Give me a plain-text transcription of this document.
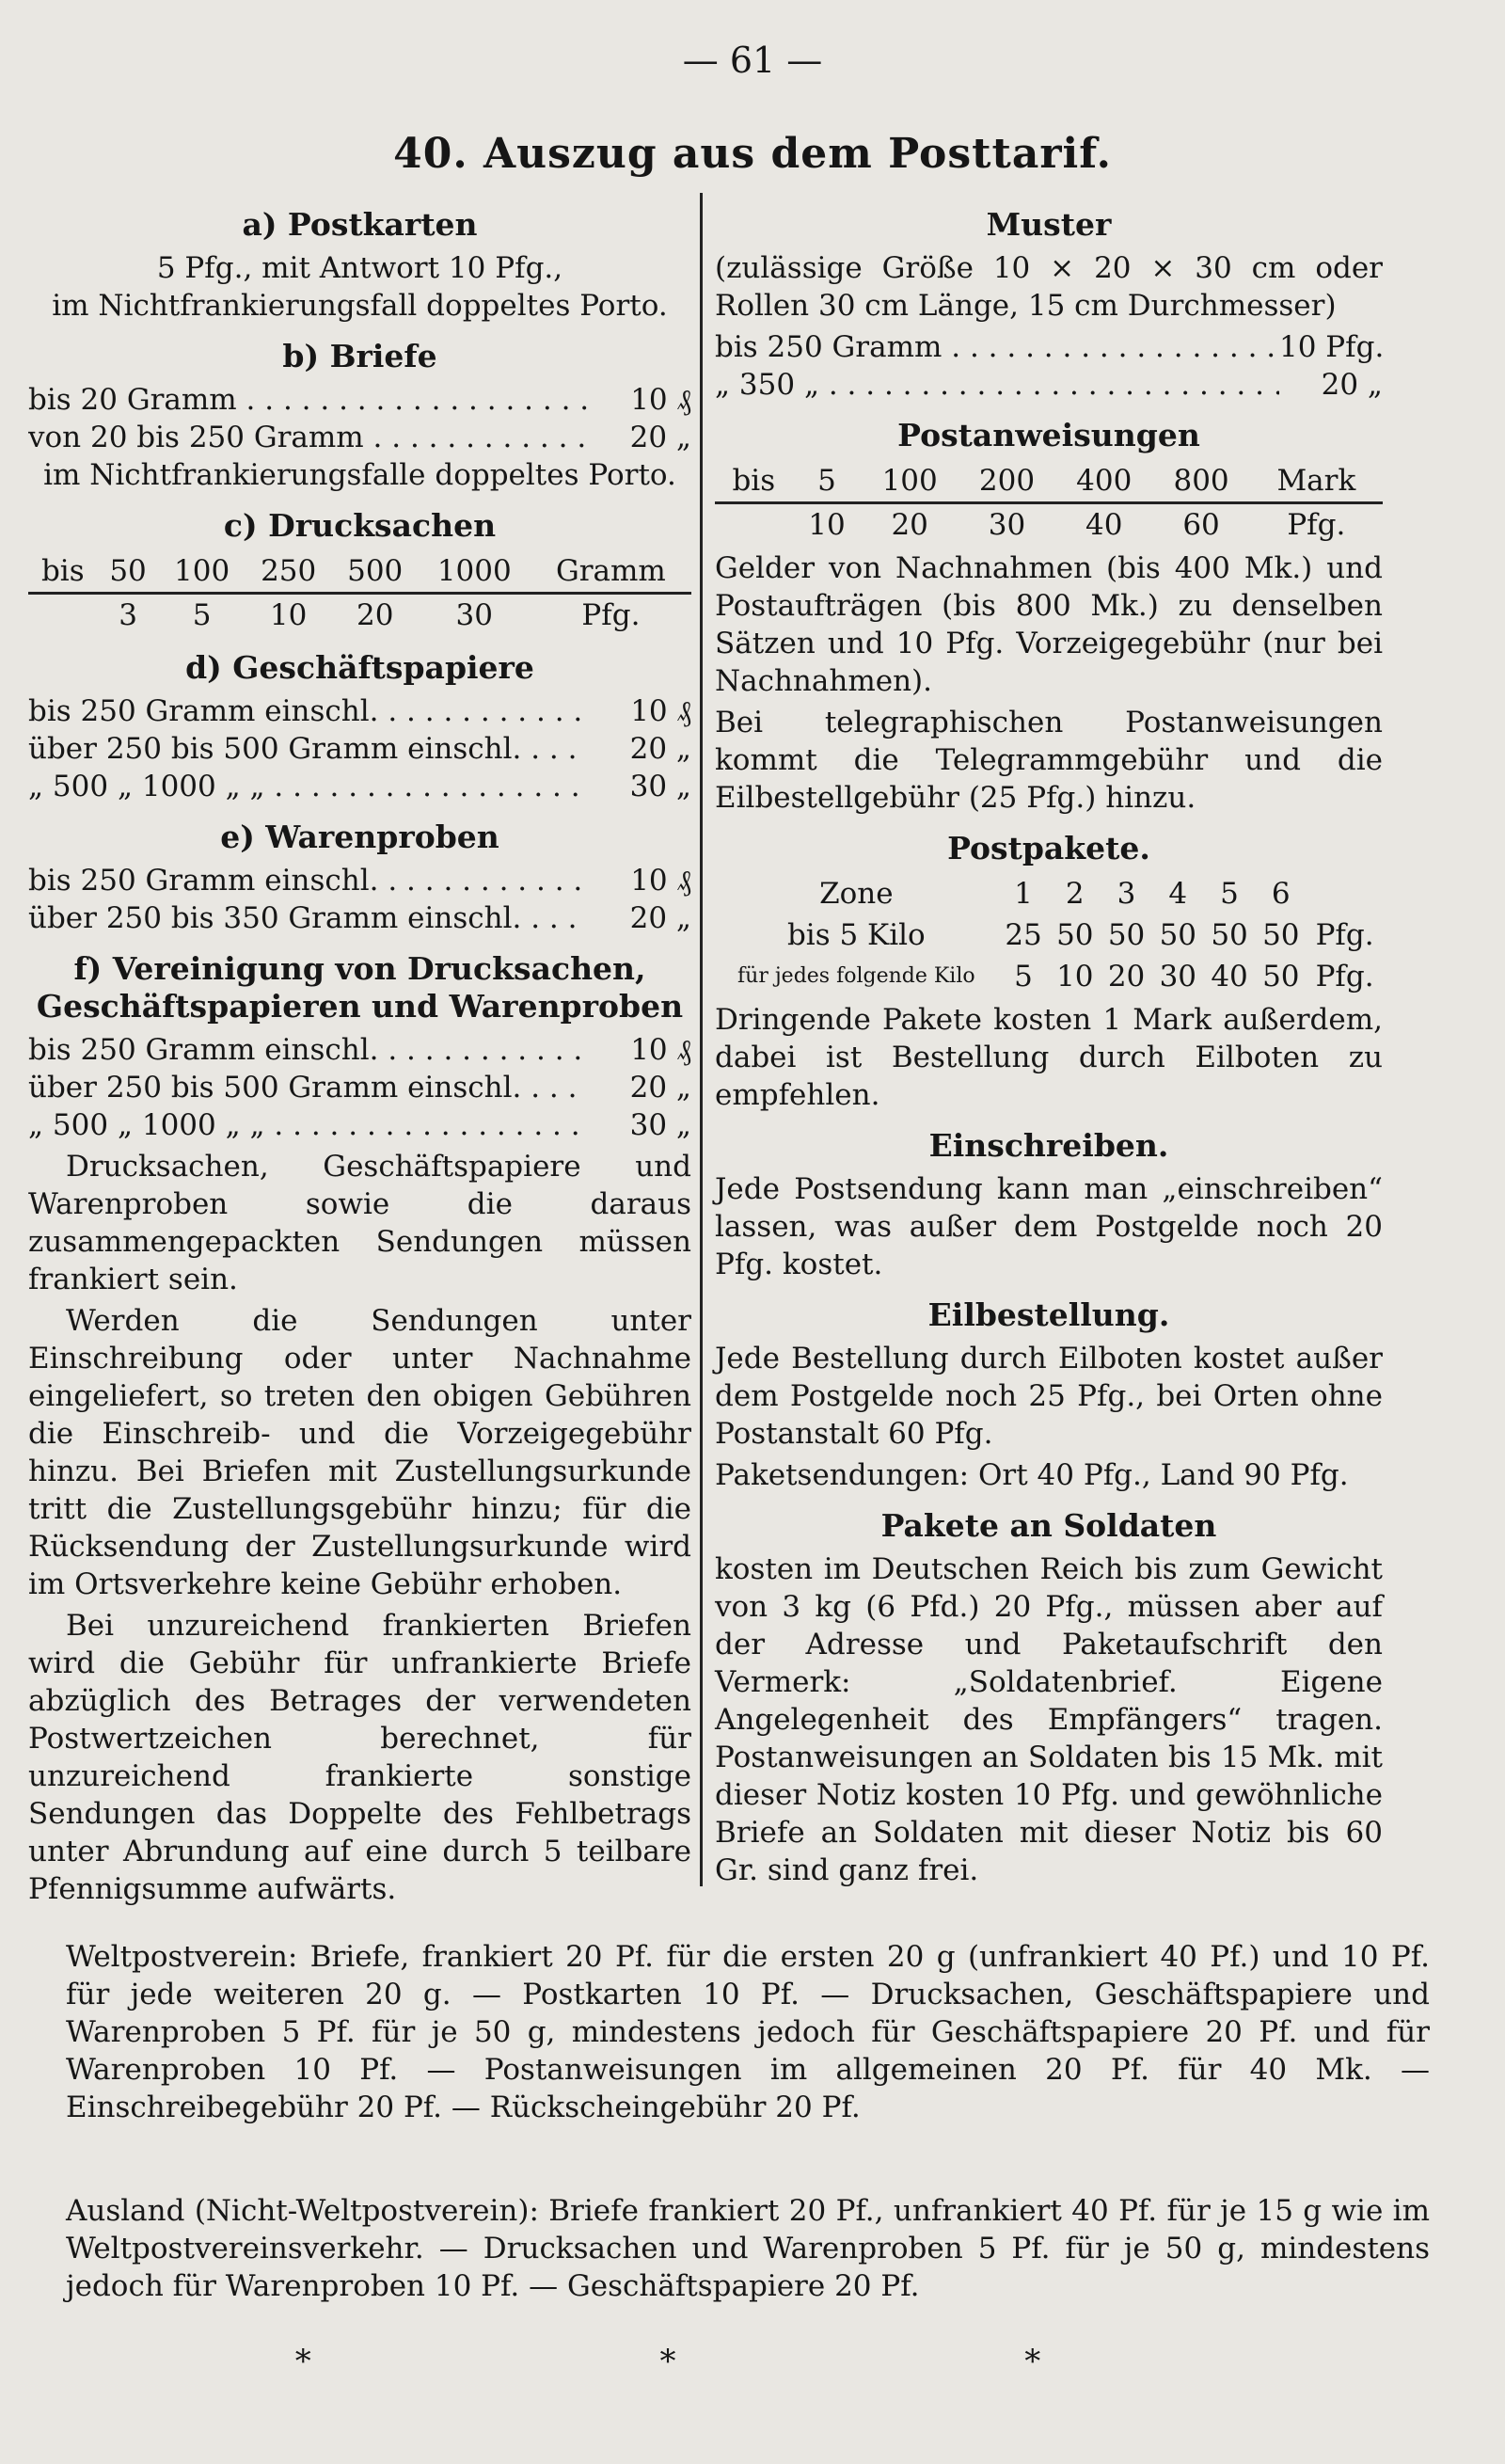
— 61 —
40. Auszug aus dem Posttarif.
a) Postkarten
5 Pfg., mit Antwort 10 Pfg.,
im Nichtfrankierungsfall doppeltes Porto.
b) Briefe
bis 20 Gramm . . .	10 ₰
von 20 bis 250 Gramm . . .	20 „
im Nichtfrankierungsfalle doppeltes Porto.
c) Drucksachen
bis	50	100	250	500	1000	Gramm
	3	5	10	20	30	Pfg.
d) Geschäftspapiere
bis 250 Gramm einschl. . . .	10 ₰
über 250 bis 500 Gramm einschl. . . .	20 „
„ 500 „ 1000 „ „ . . .	30 „
e) Warenproben
bis 250 Gramm einschl. . . .	10 ₰
über 250 bis 350 Gramm einschl. . . .	20 „
f) Vereinigung von Drucksachen, Geschäftspapieren und Warenproben
bis 250 Gramm einschl. . . .	10 ₰
über 250 bis 500 Gramm einschl. . . .	20 „
„ 500 „ 1000 „ „ . . .	30 „
Drucksachen, Geschäftspapiere und Warenproben sowie die daraus zusammengepackten Sendungen müssen frankiert sein.
Werden die Sendungen unter Einschreibung oder unter Nachnahme eingeliefert, so treten den obigen Gebühren die Einschreib- und die Vorzeigegebühr hinzu. Bei Briefen mit Zustellungsurkunde tritt die Zustellungsgebühr hinzu; für die Rücksendung der Zustellungsurkunde wird im Ortsverkehre keine Gebühr erhoben.
Bei unzureichend frankierten Briefen wird die Gebühr für unfrankierte Briefe abzüglich des Betrages der verwendeten Postwertzeichen berechnet, für unzureichend frankierte sonstige Sendungen das Doppelte des Fehlbetrags unter Abrundung auf eine durch 5 teilbare Pfennigsumme aufwärts.
Muster
(zulässige Größe 10 × 20 × 30 cm oder Rollen 30 cm Länge, 15 cm Durchmesser)
bis 250 Gramm . . .	10 Pfg.
„ 350 „ . . .	20 „
Postanweisungen
bis	5	100	200	400	800	Mark
	10	20	30	40	60	Pfg.
Gelder von Nachnahmen (bis 400 Mk.) und Postaufträgen (bis 800 Mk.) zu denselben Sätzen und 10 Pfg. Vorzeigegebühr (nur bei Nachnahmen).
Bei telegraphischen Postanweisungen kommt die Telegrammgebühr und die Eilbestellgebühr (25 Pfg.) hinzu.
Postpakete.
Zone	1	2	3	4	5	6	
bis 5 Kilo	25	50	50	50	50	50	Pfg.
für jedes folgende Kilo	5	10	20	30	40	50	Pfg.
Dringende Pakete kosten 1 Mark außerdem, dabei ist Bestellung durch Eilboten zu empfehlen.
Einschreiben.
Jede Postsendung kann man „einschreiben“ lassen, was außer dem Postgelde noch 20 Pfg. kostet.
Eilbestellung.
Jede Bestellung durch Eilboten kostet außer dem Postgelde noch 25 Pfg., bei Orten ohne Postanstalt 60 Pfg.
Paketsendungen: Ort 40 Pfg., Land 90 Pfg.
Pakete an Soldaten
kosten im Deutschen Reich bis zum Gewicht von 3 kg (6 Pfd.) 20 Pfg., müssen aber auf der Adresse und Paketaufschrift den Vermerk: „Soldatenbrief. Eigene Angelegenheit des Empfängers“ tragen. Postanweisungen an Soldaten bis 15 Mk. mit dieser Notiz kosten 10 Pfg. und gewöhnliche Briefe an Soldaten mit dieser Notiz bis 60 Gr. sind ganz frei.
Weltpostverein: Briefe, frankiert 20 Pf. für die ersten 20 g (unfrankiert 40 Pf.) und 10 Pf. für jede weiteren 20 g. — Postkarten 10 Pf. — Drucksachen, Geschäftspapiere und Warenproben 5 Pf. für je 50 g, mindestens jedoch für Geschäftspapiere 20 Pf. und für Warenproben 10 Pf. — Postanweisungen im allgemeinen 20 Pf. für 40 Mk. — Einschreibegebühr 20 Pf. — Rückscheingebühr 20 Pf.
Ausland (Nicht-Weltpostverein): Briefe frankiert 20 Pf., unfrankiert 40 Pf. für je 15 g wie im Weltpostvereinsverkehr. — Drucksachen und Warenproben 5 Pf. für je 50 g, mindestens jedoch für Warenproben 10 Pf. — Geschäftspapiere 20 Pf.
* * *
